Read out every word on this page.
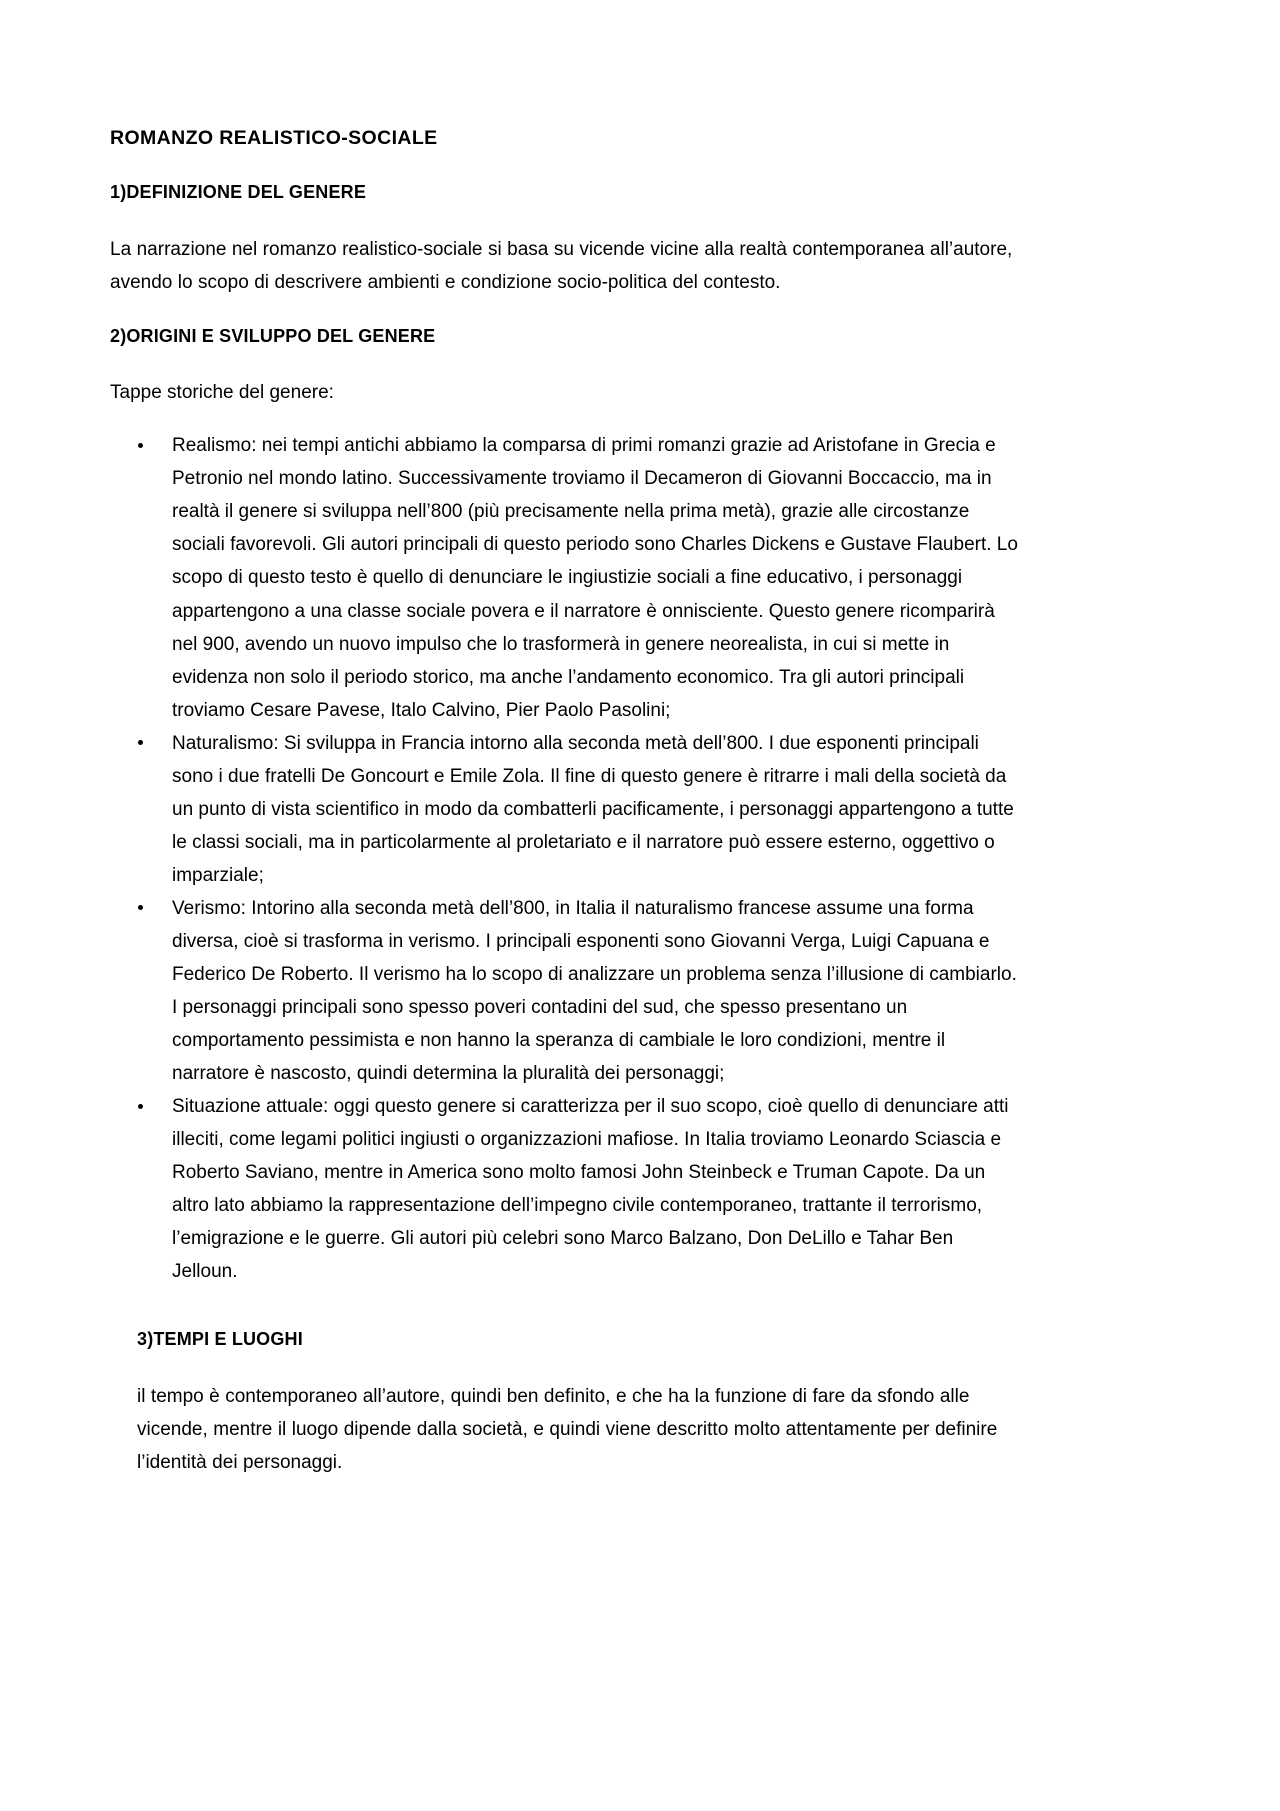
ROMANZO REALISTICO-SOCIALE
1)DEFINIZIONE DEL GENERE

La narrazione nel romanzo realistico-sociale si basa su vicende vicine alla realtà contemporanea all’autore, avendo lo scopo di descrivere ambienti e condizione socio-politica del contesto.

2)ORIGINI E SVILUPPO DEL GENERE

Tappe storiche del genere:

Realismo: nei tempi antichi abbiamo la comparsa di primi romanzi grazie ad Aristofane in Grecia e Petronio nel mondo latino. Successivamente troviamo il Decameron di Giovanni Boccaccio, ma in realtà il genere si sviluppa nell’800 (più precisamente nella prima metà), grazie alle circostanze sociali favorevoli. Gli autori principali di questo periodo sono Charles Dickens e Gustave Flaubert. Lo scopo di questo testo è quello di denunciare le ingiustizie sociali a fine educativo, i personaggi appartengono a una classe sociale povera e il narratore è onnisciente. Questo genere ricomparirà nel 900, avendo un nuovo impulso che lo trasformerà in genere neorealista, in cui si mette in evidenza non solo il periodo storico, ma anche l’andamento economico. Tra gli autori principali troviamo Cesare Pavese, Italo Calvino, Pier Paolo Pasolini;
Naturalismo: Si sviluppa in Francia intorno alla seconda metà dell’800. I due esponenti principali sono i due fratelli De Goncourt e Emile Zola. Il fine di questo genere è ritrarre i mali della società da un punto di vista scientifico in modo da combatterli pacificamente, i personaggi appartengono a tutte le classi sociali, ma in particolarmente al proletariato e il narratore può essere esterno, oggettivo o imparziale;
Verismo: Intorino alla seconda metà dell’800, in Italia il naturalismo francese assume una forma diversa, cioè si trasforma in verismo. I principali esponenti sono Giovanni Verga, Luigi Capuana e Federico De Roberto. Il verismo ha lo scopo di analizzare un problema senza l’illusione di cambiarlo. I personaggi principali sono spesso poveri contadini del sud, che spesso presentano un comportamento pessimista e non hanno la speranza di cambiale le loro condizioni, mentre il narratore è nascosto, quindi determina la pluralità dei personaggi;
Situazione attuale: oggi questo genere si caratterizza per il suo scopo, cioè quello di denunciare atti illeciti, come legami politici ingiusti o organizzazioni mafiose. In Italia troviamo Leonardo Sciascia e Roberto Saviano, mentre in America sono molto famosi John Steinbeck e Truman Capote. Da un altro lato abbiamo la rappresentazione dell’impegno civile contemporaneo, trattante il terrorismo, l’emigrazione e le guerre. Gli autori più celebri sono Marco Balzano, Don DeLillo e Tahar Ben Jelloun.
3)TEMPI E LUOGHI

il tempo è contemporaneo all’autore, quindi ben definito, e che ha la funzione di fare da sfondo alle vicende, mentre il luogo dipende dalla società, e quindi viene descritto molto attentamente per definire l’identità dei personaggi.
